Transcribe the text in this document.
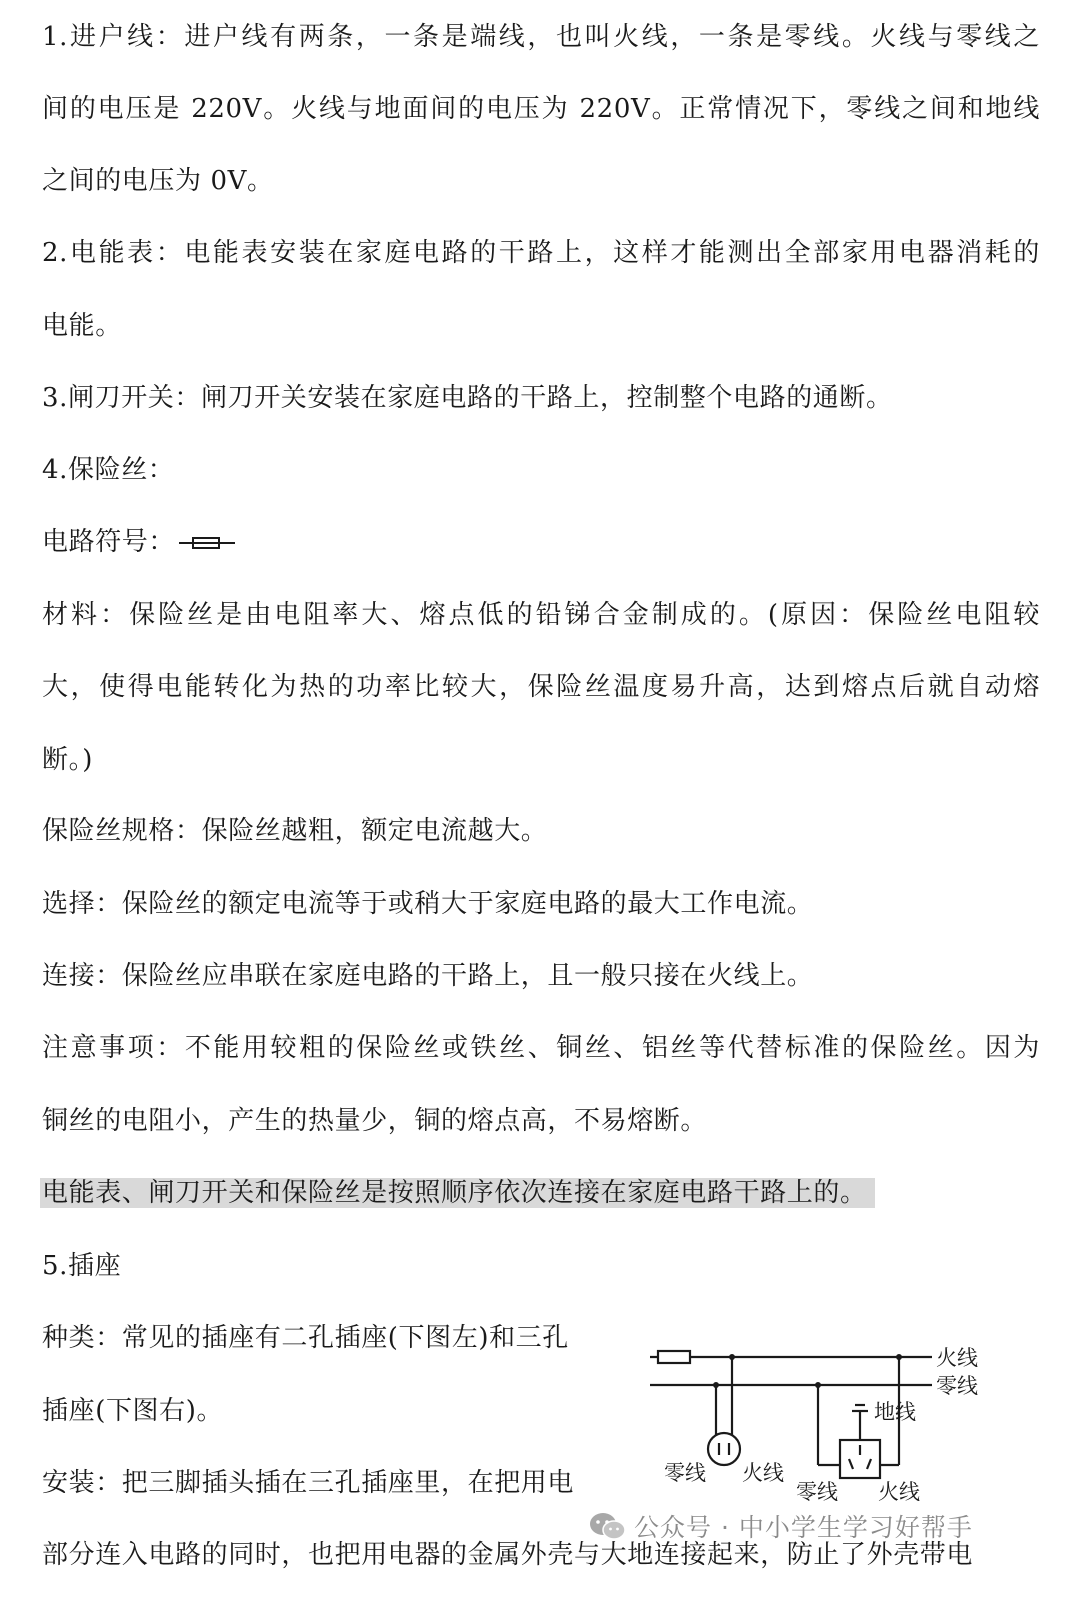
1.进户线：进户线有两条，一条是端线，也叫火线，一条是零线。火线与零线之
间的电压是 220V。火线与地面间的电压为 220V。正常情况下，零线之间和地线
之间的电压为 0V。
2.电能表：电能表安装在家庭电路的干路上，这样才能测出全部家用电器消耗的
电能。
3.闸刀开关：闸刀开关安装在家庭电路的干路上，控制整个电路的通断。
4.保险丝：
电路符号：
材料：保险丝是由电阻率大、熔点低的铅锑合金制成的。(原因：保险丝电阻较
大，使得电能转化为热的功率比较大，保险丝温度易升高，达到熔点后就自动熔
断。)
保险丝规格：保险丝越粗，额定电流越大。
选择：保险丝的额定电流等于或稍大于家庭电路的最大工作电流。
连接：保险丝应串联在家庭电路的干路上，且一般只接在火线上。
注意事项：不能用较粗的保险丝或铁丝、铜丝、铝丝等代替标准的保险丝。因为
铜丝的电阻小，产生的热量少，铜的熔点高，不易熔断。
电能表、闸刀开关和保险丝是按照顺序依次连接在家庭电路干路上的。
5.插座
种类：常见的插座有二孔插座(下图左)和三孔
插座(下图右)。
安装：把三脚插头插在三孔插座里，在把用电
部分连入电路的同时，也把用电器的金属外壳与大地连接起来，防止了外壳带电
火线
零线
地线
零线 火线
零线 火线
公众号 · 中小学生学习好帮手
